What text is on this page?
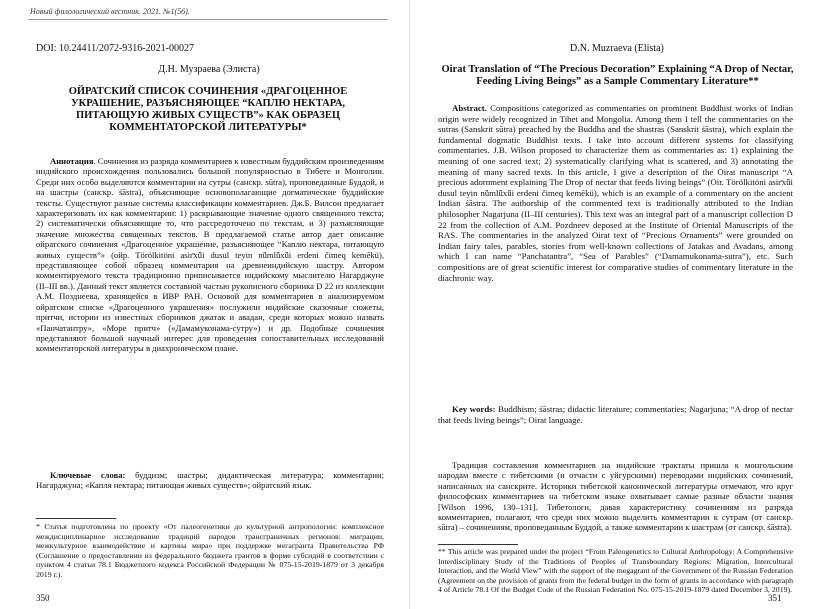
Новый филологический вестник. 2021. №1(56).
DOI: 10.24411/2072-9316-2021-00027
Д.Н. Музраева (Элиста)
ОЙРАТСКИЙ СПИСОК СОЧИНЕНИЯ «ДРАГОЦЕННОЕ УКРАШЕНИЕ, РАЗЪЯСНЯЮЩЕЕ “КАПЛЮ НЕКТАРА, ПИТАЮЩУЮ ЖИВЫХ СУЩЕСТВ”» КАК ОБРАЗЕЦ КОММЕНТАТОРСКОЙ ЛИТЕРАТУРЫ*

Аннотация. Сочинения из разряда комментариев к известным буддийским произведениям индийского происхождения пользовались большой популярностью в Тибете и Монголии. Среди них особо выделяются комментарии на сутры (санскр. sūtra), проповеданные Буддой, и на шастры (санскр. śāstra), объясняющие основополагающие догматические буддийские тексты. Существуют разные системы классификации комментариев. Дж.Б. Вилсон предлагает характеризовать их как комментарии: 1) раскрывающие значение одного священного текста; 2) систематически объясняющие то, что рассредоточено по текстам, и 3) разъясняющие значение множества священных текстов. В предлагаемой статье автор дает описание ойратского сочинения «Драгоценное украшение, разъясняющее “Каплю нектара, питающую живых существ”» (ойр. Törölkitöni asiг̄xǖi dusul teyin nǖmlǖxǖi erdeni čimeq kemēkü), представляющее собой образец комментария на древнеиндийскую шастру. Автором комментируемого текста традиционно приписывается индийскому мыслителю Нагарджуне (II–III вв.). Данный текст является составной частью рукописного сборника D 22 из коллекции А.М. Позднеева, хранящейся в ИВР РАН. Основой для комментариев в анализируемом ойратском списке «Драгоценного украшения» послужили индийские сказочные сюжеты, притчи, истории из известных сборников джатак и авадан, среди которых можно назвать «Панчатантру», «Море притч» («Дамамуконама-сутру») и др. Подобные сочинения представляют большой научный интерес для проведения сопоставительных исследований комментаторской литературы в диахроническом плане.

Ключевые слова: буддизм; шастры; дидактическая литература; комментарии; Нагарджуна; «Капля нектара; питающая живых существ»; ойратский язык.

* Статья подготовлена по проекту «От палеогенетики до культурной антропологии: комплексное междисциплинарное исследование традиций народов трансграничных регионов: миграции, межкультурное взаимодействие и картина мира» при поддержке мегагранта Правительства РФ (Соглашение о предоставлении из федерального бюджета грантов в форме субсидий в соответствии с пунктом 4 статьи 78.1 Бюджетного кодекса Российской Федерации № 075-15-2019-1879 от 3 декабря 2019 г.).
350
D.N. Muzraeva (Elista)
Oirat Translation of “The Precious Decoration” Explaining “A Drop of Nectar, Feeding Living Beings” as a Sample Commentary Literature**

Abstract. Compositions categorized as commentaries on prominent Buddhist works of Indian origin were widely recognized in Tibet and Mongolia. Among them I tell the commentaries on the sutras (Sanskrit sūtra) preached by the Buddha and the shastras (Sanskrit śāstra), which explain the fundamental dogmatic Buddhist texts. I take into account different systems for classifying commentaries. J.B. Wilson proposed to characterize them as commentaries as: 1) explaining the meaning of one sacred text; 2) systematically clarifying what is scattered, and 3) annotating the meaning of many sacred texts. In this article, I give a description of the Oirat manuscript “A precious adornment explaining The Drop of nectar that feeds living beings” (Oir. Törölkitöni asiг̄xǖi dusul teyin nǖmlǖxǖi erdeni čimeq kemēkü), which is an example of a commentary on the ancient Indian śāstra. The authorship of the commented text is traditionally attributed to the Indian philosopher Nagarjuna (II–III centuries). This text was an integral part of a manuscript collection D 22 from the collection of A.M. Pozdneev deposed at the Institute of Oriental Manuscripts of the RAS. The commentaries in the analyzed Oirat text of “Precious Ornaments” were grounded on Indian fairy tales, parables, stories from well-known collections of Jatakas and Avadans, among which I can name “Panchatantra”, “Sea of Parables” (“Damamukonama-sutra”), etc. Such compositions are of great scientific interest for comparative studies of commentary literature in the diachronic way.

Key words: Buddhism; śāstras; didactic literature; commentaries; Nagarjuna; “A drop of nectar that feeds living beings”; Oirat language.

Традиция составления комментариев на индийские трактаты пришла к монгольским народам вместе с тибетскими (и отчасти с уйгурскими) переводами индийских сочинений, написанных на санскрите. Историки тибетской канонической литературы отмечают, что круг философских комментариев на тибетском языке охватывает самые разные области знания [Wilson 1996, 130–131]. Тибетологи, давая характеристику сочинениям из разряда комментариев, полагают, что среди них можно выделить комментарии к сутрам (от санскр. sūtra) – сочинениям, проповеданным Буддой, а также комментарии к шастрам (от санскр. śāstra).

** This article was prepared under the project “From Paleogenetics to Cultural Anthropology: A Comprehensive Interdisciplinary Study of the Traditions of Peoples of Transboundary Regions: Migration, Intercultural Interaction, and the World View” with the support of the megagrant of the Government of the Russian Federation (Agreement on the provision of grants from the federal budget in the form of grants in accordance with paragraph 4 of Article 78.1 Of the Budget Code of the Russian Federation No. 075-15-2019-1879 dated December 3, 2019).
351
